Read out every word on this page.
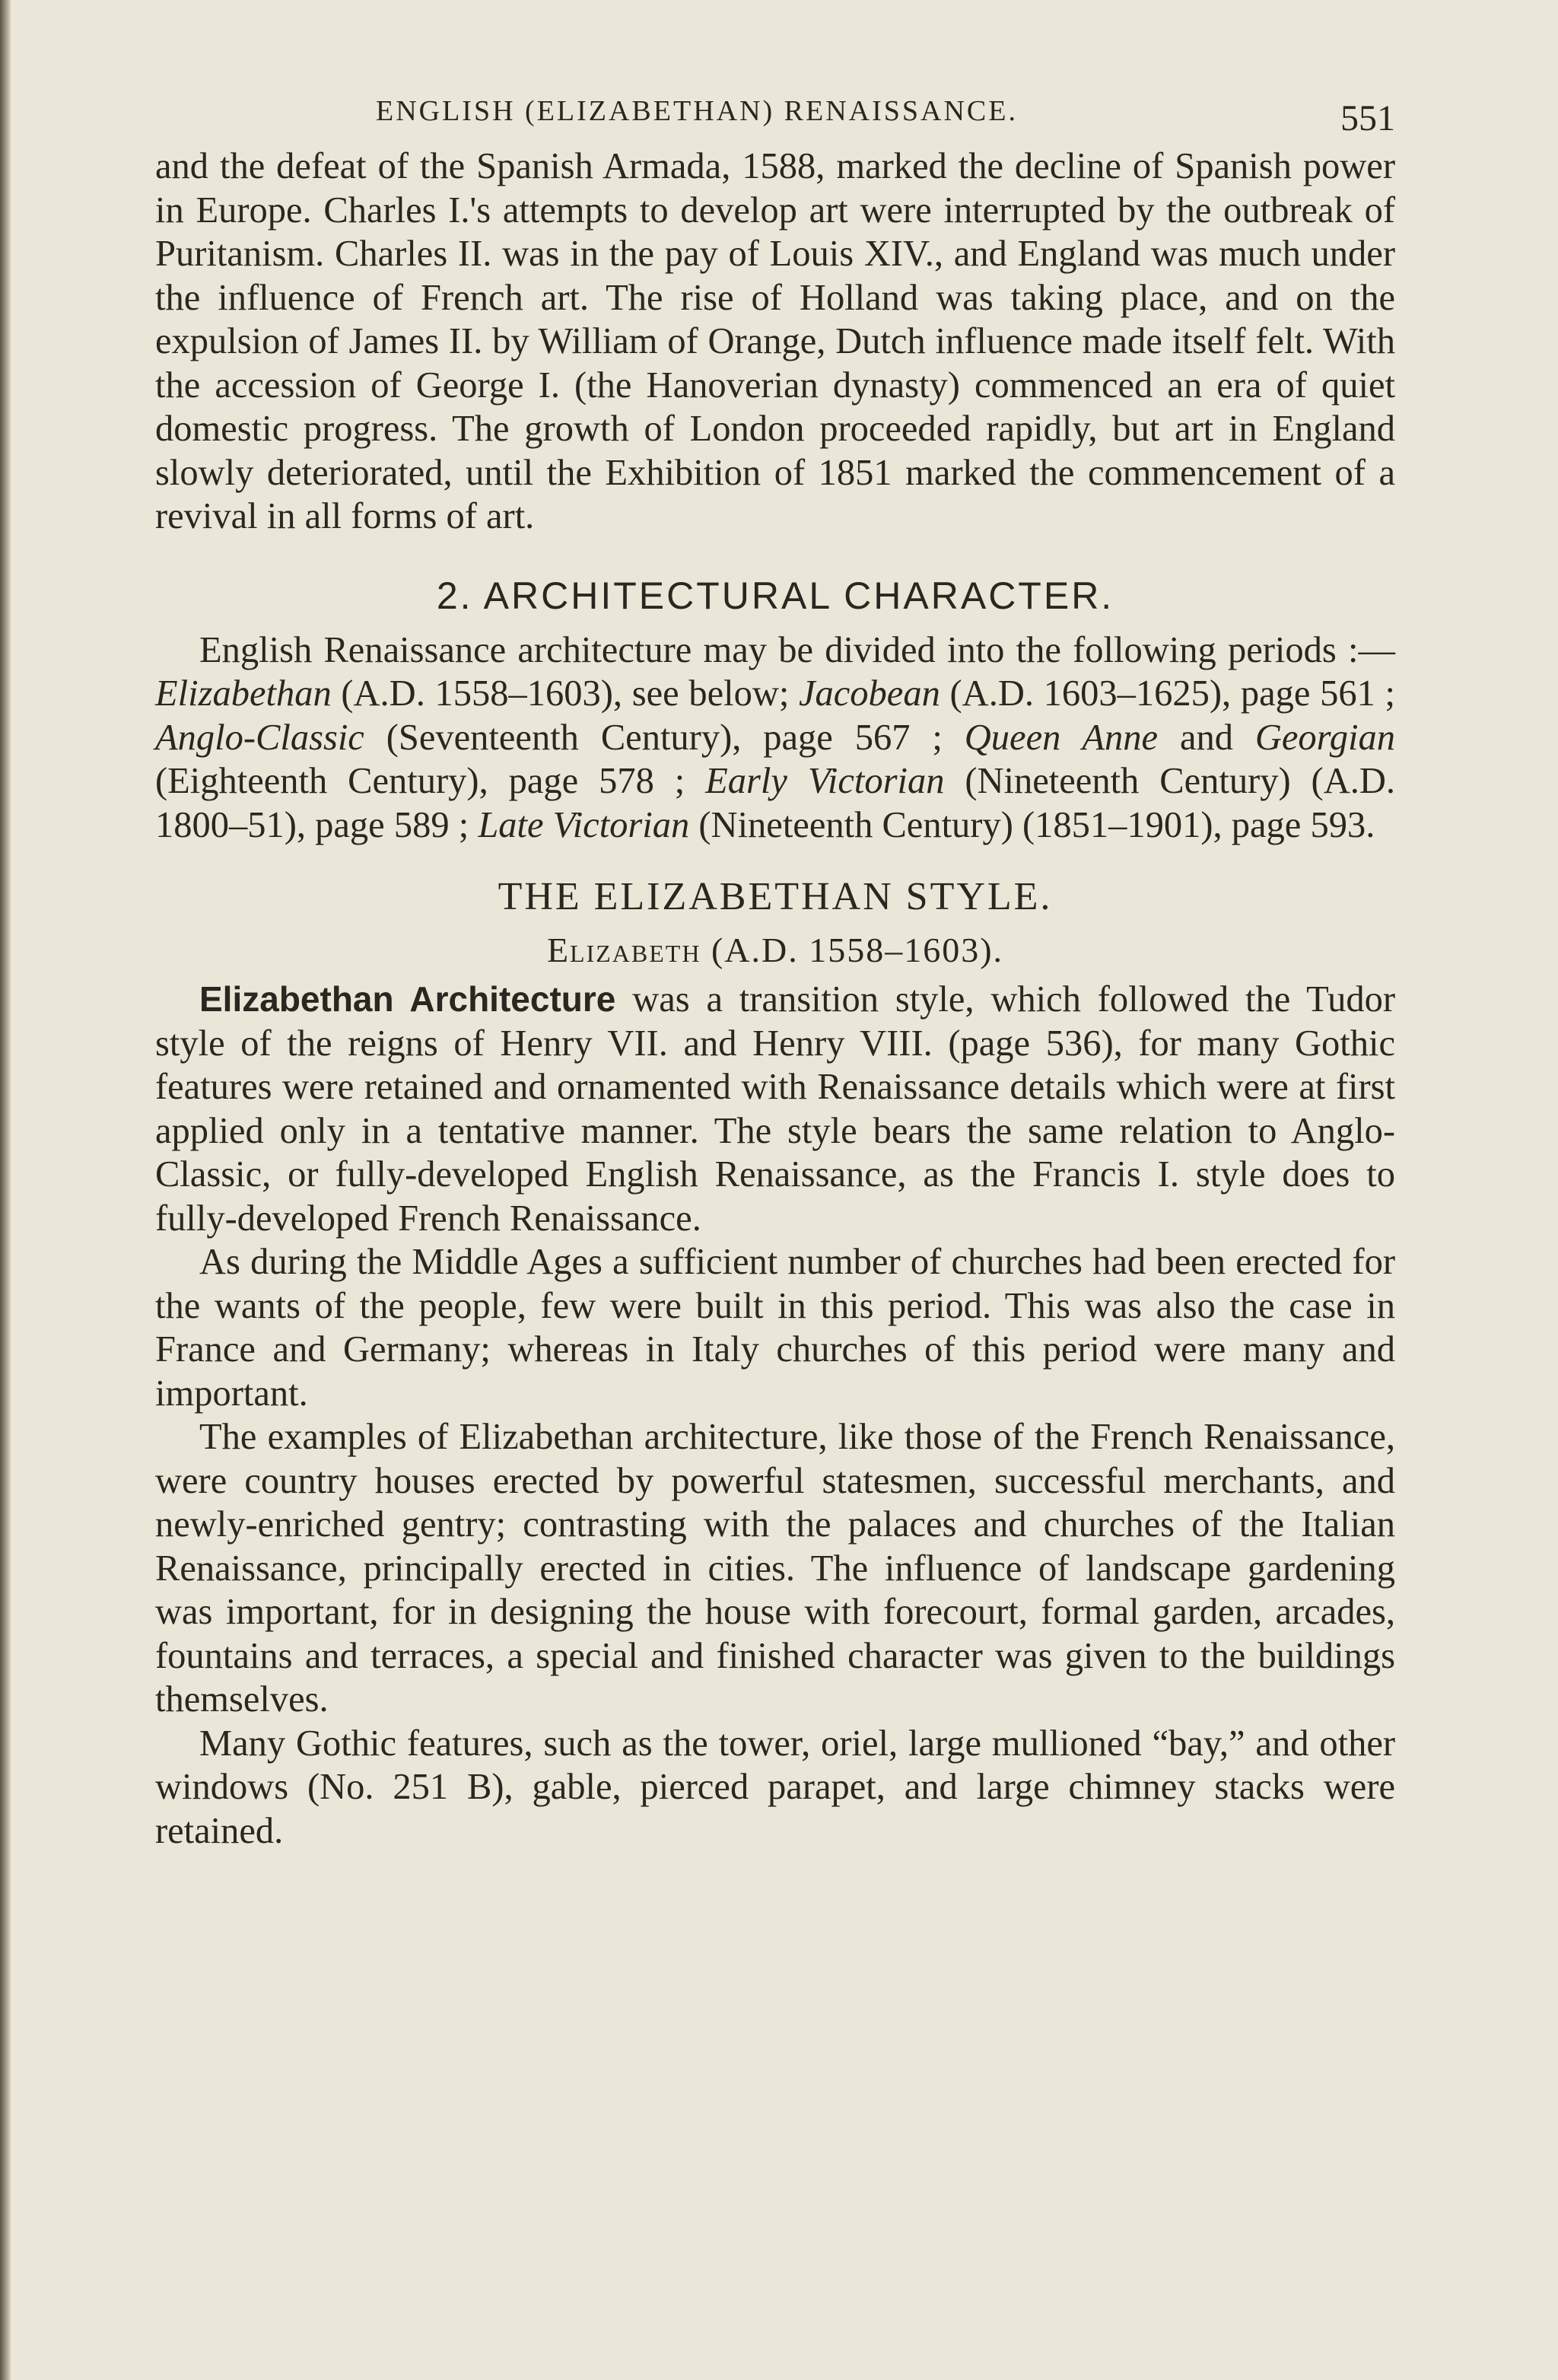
ENGLISH (ELIZABETHAN) RENAISSANCE.	551

and the defeat of the Spanish Armada, 1588, marked the decline of Spanish power in Europe. Charles I.'s attempts to develop art were interrupted by the outbreak of Puritanism. Charles II. was in the pay of Louis XIV., and England was much under the influence of French art. The rise of Holland was taking place, and on the expulsion of James II. by William of Orange, Dutch influence made itself felt. With the accession of George I. (the Hanoverian dynasty) commenced an era of quiet domestic progress. The growth of London proceeded rapidly, but art in England slowly deteriorated, until the Exhibition of 1851 marked the commencement of a revival in all forms of art.

2. ARCHITECTURAL CHARACTER.

English Renaissance architecture may be divided into the following periods :—Elizabethan (A.D. 1558–1603), see below; Jacobean (A.D. 1603–1625), page 561 ; Anglo-Classic (Seventeenth Century), page 567 ; Queen Anne and Georgian (Eighteenth Century), page 578 ; Early Victorian (Nineteenth Century) (A.D. 1800–51), page 589 ; Late Victorian (Nineteenth Century) (1851–1901), page 593.

THE ELIZABETHAN STYLE.
Elizabeth (A.D. 1558–1603).

Elizabethan Architecture was a transition style, which followed the Tudor style of the reigns of Henry VII. and Henry VIII. (page 536), for many Gothic features were retained and ornamented with Renaissance details which were at first applied only in a tentative manner. The style bears the same relation to Anglo-Classic, or fully-developed English Renaissance, as the Francis I. style does to fully-developed French Renaissance.

As during the Middle Ages a sufficient number of churches had been erected for the wants of the people, few were built in this period. This was also the case in France and Germany; whereas in Italy churches of this period were many and important.

The examples of Elizabethan architecture, like those of the French Renaissance, were country houses erected by powerful statesmen, successful merchants, and newly-enriched gentry; contrasting with the palaces and churches of the Italian Renaissance, principally erected in cities. The influence of landscape gardening was important, for in designing the house with forecourt, formal garden, arcades, fountains and terraces, a special and finished character was given to the buildings themselves.

Many Gothic features, such as the tower, oriel, large mullioned “bay,” and other windows (No. 251 B), gable, pierced parapet, and large chimney stacks were retained.
